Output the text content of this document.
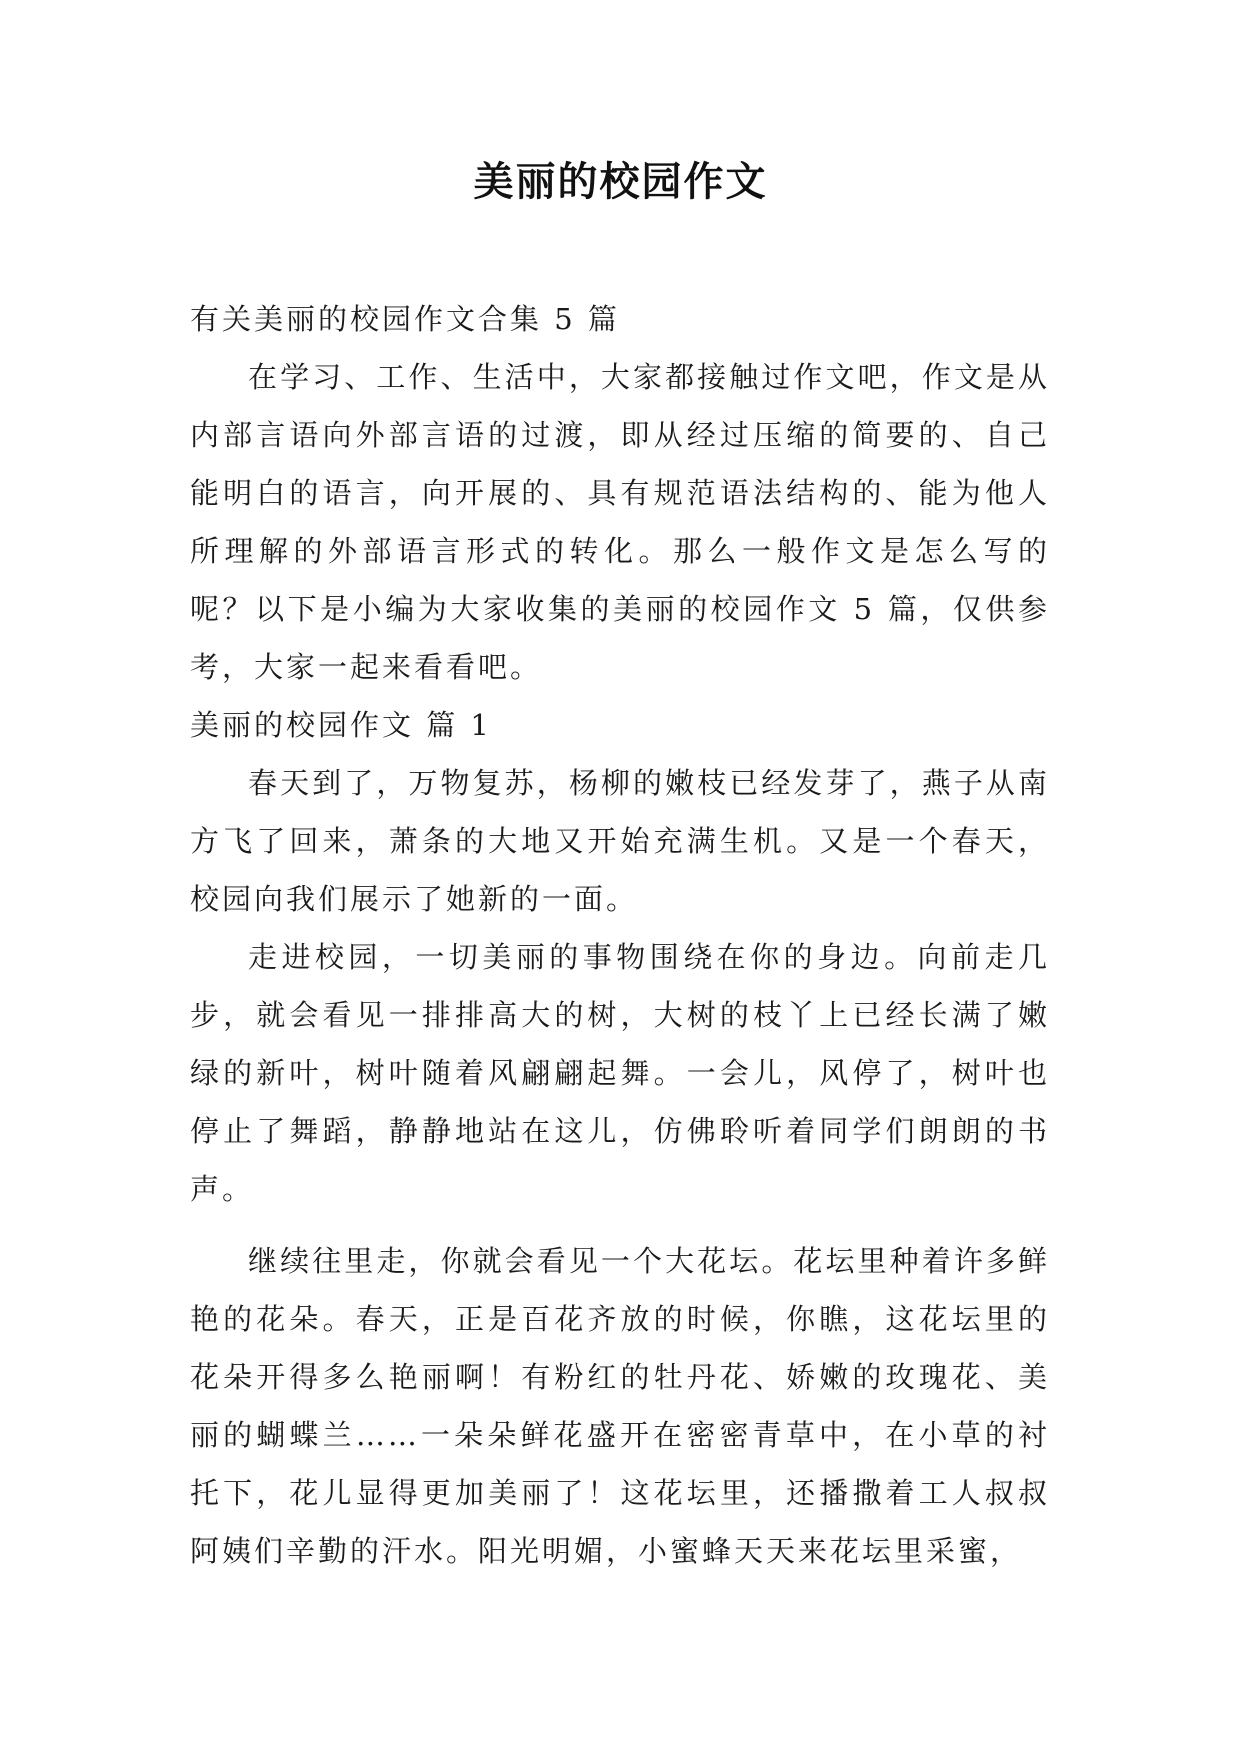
美丽的校园作文

有关美丽的校园作文合集 5 篇

在学习、工作、生活中，大家都接触过作文吧，作文是从内部言语向外部言语的过渡，即从经过压缩的简要的、自己能明白的语言，向开展的、具有规范语法结构的、能为他人所理解的外部语言形式的转化。那么一般作文是怎么写的呢？以下是小编为大家收集的美丽的校园作文 5 篇，仅供参考，大家一起来看看吧。

美丽的校园作文 篇 1

春天到了，万物复苏，杨柳的嫩枝已经发芽了，燕子从南方飞了回来，萧条的大地又开始充满生机。又是一个春天，校园向我们展示了她新的一面。

走进校园，一切美丽的事物围绕在你的身边。向前走几步，就会看见一排排高大的树，大树的枝丫上已经长满了嫩绿的新叶，树叶随着风翩翩起舞。一会儿，风停了，树叶也停止了舞蹈，静静地站在这儿，仿佛聆听着同学们朗朗的书声。

继续往里走，你就会看见一个大花坛。花坛里种着许多鲜艳的花朵。春天，正是百花齐放的时候，你瞧，这花坛里的花朵开得多么艳丽啊！有粉红的牡丹花、娇嫩的玫瑰花、美丽的蝴蝶兰……一朵朵鲜花盛开在密密青草中，在小草的衬托下，花儿显得更加美丽了！这花坛里，还播撒着工人叔叔阿姨们辛勤的汗水。阳光明媚，小蜜蜂天天来花坛里采蜜，
